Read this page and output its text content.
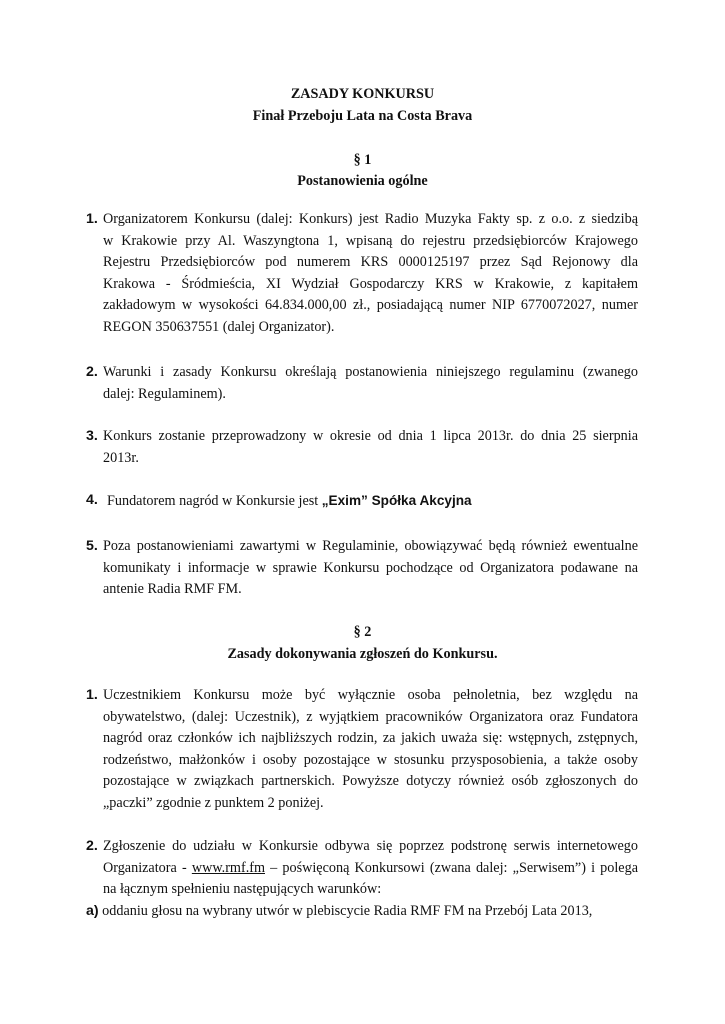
ZASADY KONKURSU
Finał Przeboju Lata na Costa Brava
§ 1
Postanowienia ogólne
1. Organizatorem Konkursu (dalej: Konkurs) jest Radio Muzyka Fakty sp. z o.o. z siedzibą

w Krakowie przy Al. Waszyngtona 1, wpisaną do rejestru przedsiębiorców Krajowego

Rejestru Przedsiębiorców pod numerem KRS 0000125197 przez Sąd Rejonowy dla

Krakowa - Śródmieścia, XI Wydział Gospodarczy KRS w Krakowie, z kapitałem

zakładowym w wysokości 64.834.000,00 zł., posiadającą numer NIP 6770072027, numer

REGON 350637551 (dalej Organizator).

2. Warunki i zasady Konkursu określają postanowienia niniejszego regulaminu (zwanego

dalej: Regulaminem).

3. Konkurs zostanie przeprowadzony w okresie od dnia 1 lipca 2013r. do dnia 25 sierpnia

2013r.

4. Fundatorem nagród w Konkursie jest „Exim” Spółka Akcyjna
5. Poza postanowieniami zawartymi w Regulaminie, obowiązywać będą również ewentualne

komunikaty i informacje w sprawie Konkursu pochodzące od Organizatora podawane na

antenie Radia RMF FM.

§ 2
Zasady dokonywania zgłoszeń do Konkursu.
1. Uczestnikiem Konkursu może być wyłącznie osoba pełnoletnia, bez względu na

obywatelstwo, (dalej: Uczestnik), z wyjątkiem pracowników Organizatora oraz Fundatora

nagród oraz członków ich najbliższych rodzin, za jakich uważa się: wstępnych, zstępnych,

rodzeństwo, małżonków i osoby pozostające w stosunku przysposobienia, a także osoby

pozostające w związkach partnerskich. Powyższe dotyczy również osób zgłoszonych do

„paczki” zgodnie z punktem 2 poniżej.

2. Zgłoszenie do udziału w Konkursie odbywa się poprzez podstronę serwis internetowego

Organizatora - www.rmf.fm – poświęconą Konkursowi (zwana dalej: „Serwisem”) i polega

na łącznym spełnieniu następujących warunków:

a) oddaniu głosu na wybrany utwór w plebiscycie Radia RMF FM na Przebój Lata 2013,
